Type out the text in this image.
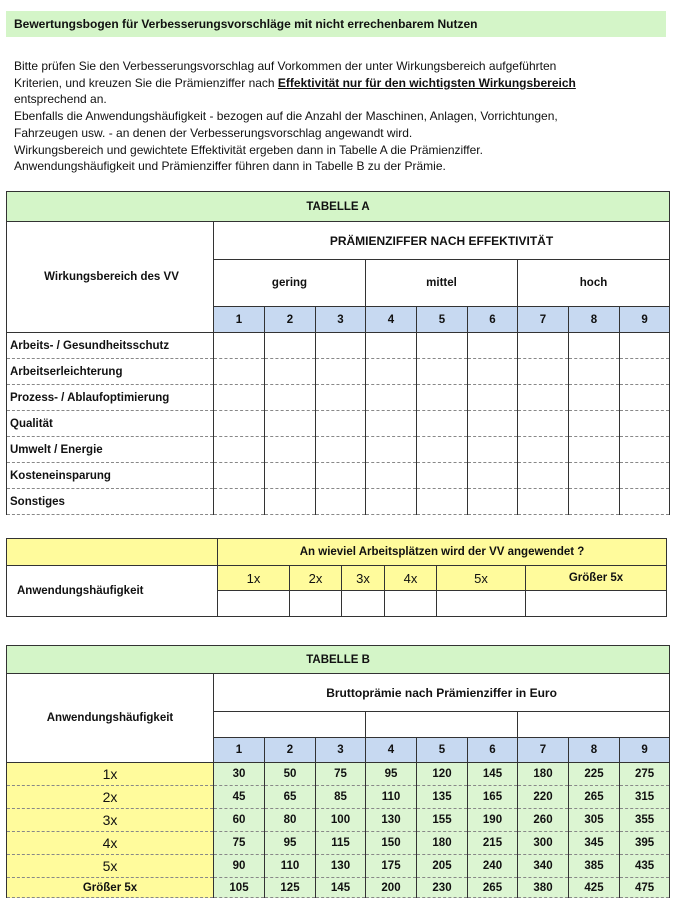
Bewertungsbogen für Verbesserungsvorschläge mit nicht errechenbarem Nutzen

Bitte prüfen Sie den Verbesserungsvorschlag auf Vorkommen der unter Wirkungsbereich aufgeführten

Kriterien, und kreuzen Sie die Prämienziffer nach Effektivität nur für den wichtigsten Wirkungsbereich

entsprechend an.

Ebenfalls die Anwendungshäufigkeit - bezogen auf die Anzahl der Maschinen, Anlagen, Vorrichtungen,

Fahrzeugen usw. - an denen der Verbesserungsvorschlag angewandt wird.

Wirkungsbereich und gewichtete Effektivität ergeben dann in Tabelle A die Prämienziffer.

Anwendungshäufigkeit und Prämienziffer führen dann in Tabelle B zu der Prämie.

TABELLE A									
Wirkungsbereich des VV	PRÄMIENZIFFER NACH EFFEKTIVITÄT								
	gering			mittel			hoch		
	1	2	3	4	5	6	7	8	9
Arbeits- / Gesundheitsschutz									
Arbeitserleichterung									
Prozess- / Ablaufoptimierung									
Qualität									
Umwelt / Energie									
Kosteneinsparung									
Sonstiges									
	An wieviel Arbeitsplätzen wird der VV angewendet ?					
Anwendungshäufigkeit	1x	2x	3x	4x	5x	Größer 5x

TABELLE B									
Anwendungshäufigkeit	Bruttoprämie nach Prämienziffer in Euro								

	1	2	3	4	5	6	7	8	9
1x	30	50	75	95	120	145	180	225	275
2x	45	65	85	110	135	165	220	265	315
3x	60	80	100	130	155	190	260	305	355
4x	75	95	115	150	180	215	300	345	395
5x	90	110	130	175	205	240	340	385	435
Größer 5x	105	125	145	200	230	265	380	425	475
